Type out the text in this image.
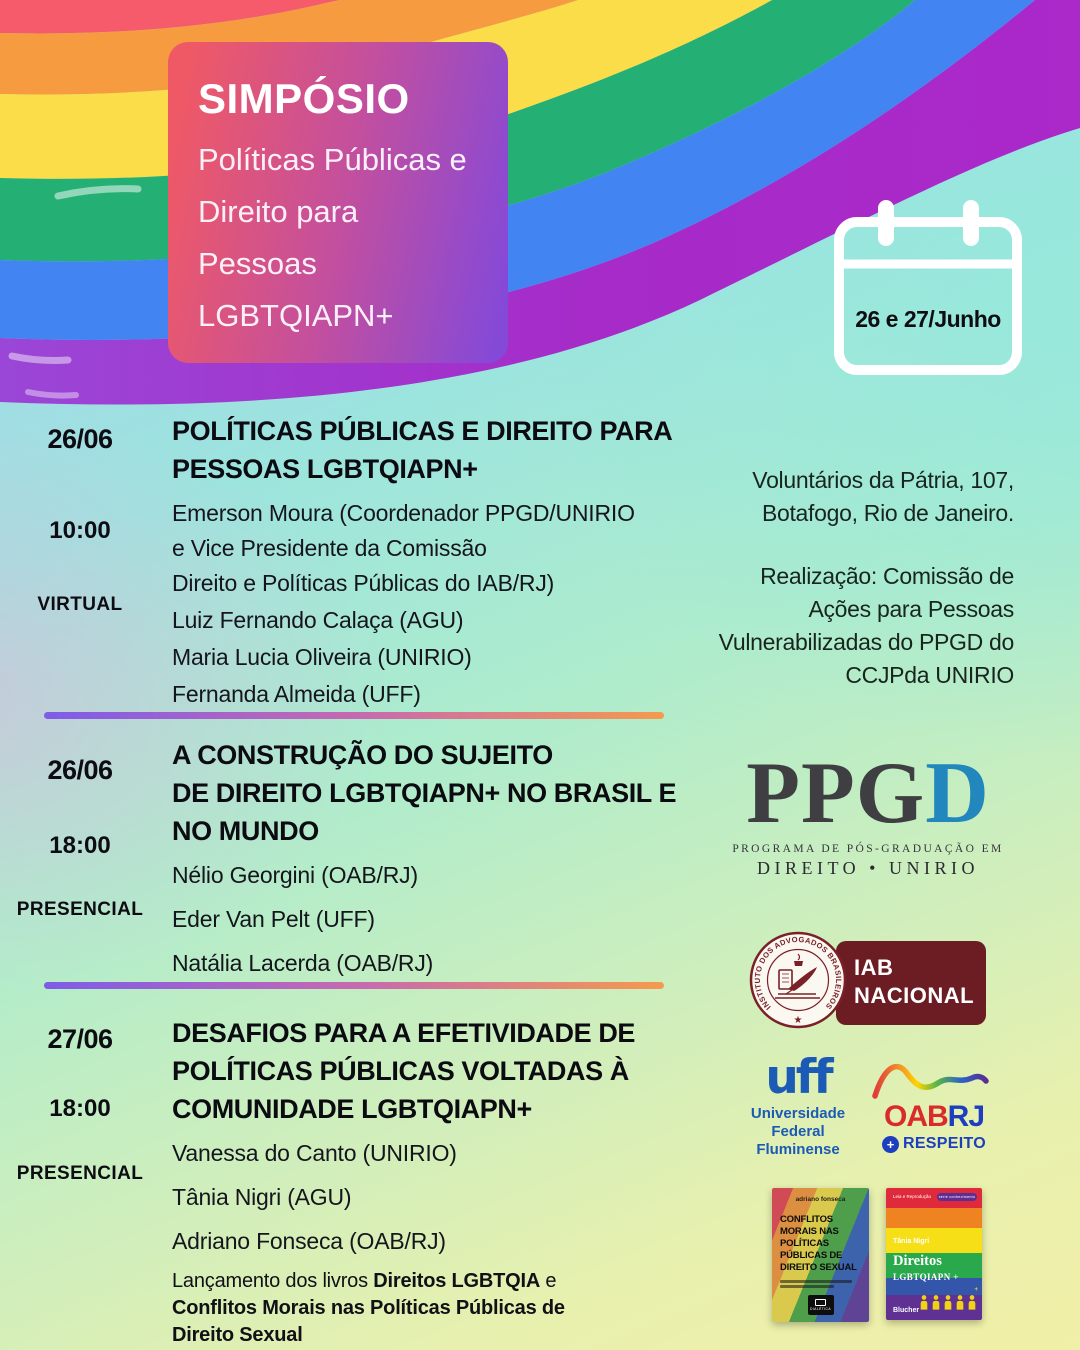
SIMPÓSIO
Políticas Públicas e
Direito para
Pessoas
LGBTQIAPN+	26 e 27/Junho
26/06
10:00
VIRTUAL
POLÍTICAS PÚBLICAS E DIREITO PARA
PESSOAS LGBTQIAPN+

Emerson Moura (Coordenador PPGD/UNIRIO
e Vice Presidente da Comissão
Direito e Políticas Públicas do IAB/RJ)

Luiz Fernando Calaça (AGU)

Maria Lucia Oliveira (UNIRIO)

Fernanda Almeida (UFF)

26/06
18:00
PRESENCIAL
A CONSTRUÇÃO DO SUJEITO
DE DIREITO LGBTQIAPN+ NO BRASIL E
NO MUNDO

Nélio Georgini (OAB/RJ)

Eder Van Pelt (UFF)

Natália Lacerda (OAB/RJ)

27/06
18:00
PRESENCIAL
DESAFIOS PARA A EFETIVIDADE DE
POLÍTICAS PÚBLICAS VOLTADAS À
COMUNIDADE LGBTQIAPN+

Vanessa do Canto (UNIRIO)

Tânia Nigri (AGU)

Adriano Fonseca (OAB/RJ)

Lançamento dos livros Direitos LGBTQIA e
Conflitos Morais nas Políticas Públicas de
Direito Sexual
Voluntários da Pátria, 107,
Botafogo, Rio de Janeiro.
Realização: Comissão de
Ações para Pessoas
Vulnerabilizadas do PPGD do
CCJPda UNIRIO
PPGD
PROGRAMA DE PÓS-GRADUAÇÃO EM
DIREITO • UNIRIO
IAB
NACIONAL
INSTITUTO DOS ADVOGADOS BRASILEIROS
★
uff
Universidade
Federal
Fluminense
OABRJ
+ RESPEITO
adriano fonseca
CONFLITOS MORAIS NAS POLÍTICAS PÚBLICAS DE DIREITO SEXUAL
DIALÉTICA
Leia e Reprodução	série conhecimento
Tânia Nigri
Direitos
LGBTQIAPN +
Blucher
+
